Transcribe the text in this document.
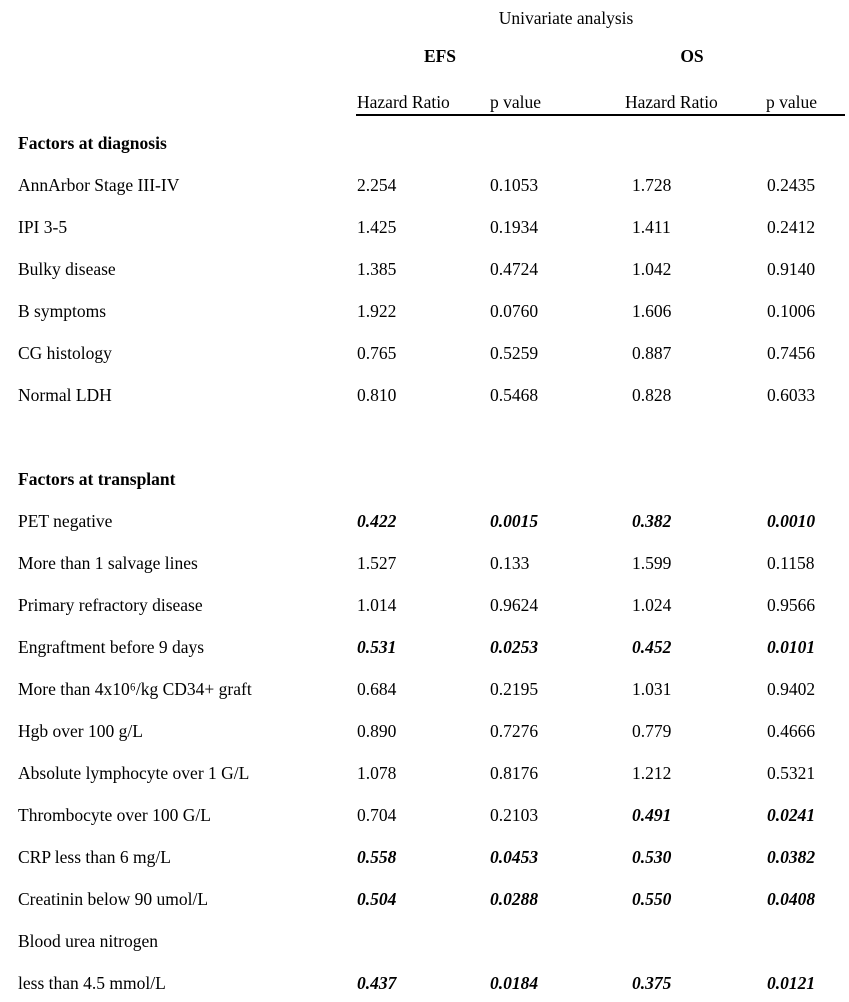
Univariate analysis
EFS	OS
Hazard Ratio p value	Hazard Ratio	p value
Factors at diagnosis
AnnArbor Stage III-IV	2.254	0.1053	1.728	0.2435
IPI 3-5	1.425	0.1934	1.411	0.2412
Bulky disease	1.385	0.4724	1.042	0.9140
B symptoms	1.922	0.0760	1.606	0.1006
CG histology	0.765	0.5259	0.887	0.7456
Normal LDH	0.810	0.5468	0.828	0.6033
Factors at transplant
PET negative	0.422	0.0015	0.382	0.0010
More than 1 salvage lines	1.527	0.133	1.599	0.1158
Primary refractory disease	1.014	0.9624	1.024	0.9566
Engraftment before 9 days	0.531	0.0253	0.452	0.0101
More than 4x10⁶/kg CD34+ graft	0.684	0.2195	1.031	0.9402
Hgb over 100 g/L	0.890	0.7276	0.779	0.4666
Absolute lymphocyte over 1 G/L	1.078	0.8176	1.212	0.5321
Thrombocyte over 100 G/L	0.704	0.2103	0.491	0.0241
CRP less than 6 mg/L	0.558	0.0453	0.530	0.0382
Creatinin below 90 umol/L	0.504	0.0288	0.550	0.0408
Blood urea nitrogen
less than 4.5 mmol/L	0.437	0.0184	0.375	0.0121
